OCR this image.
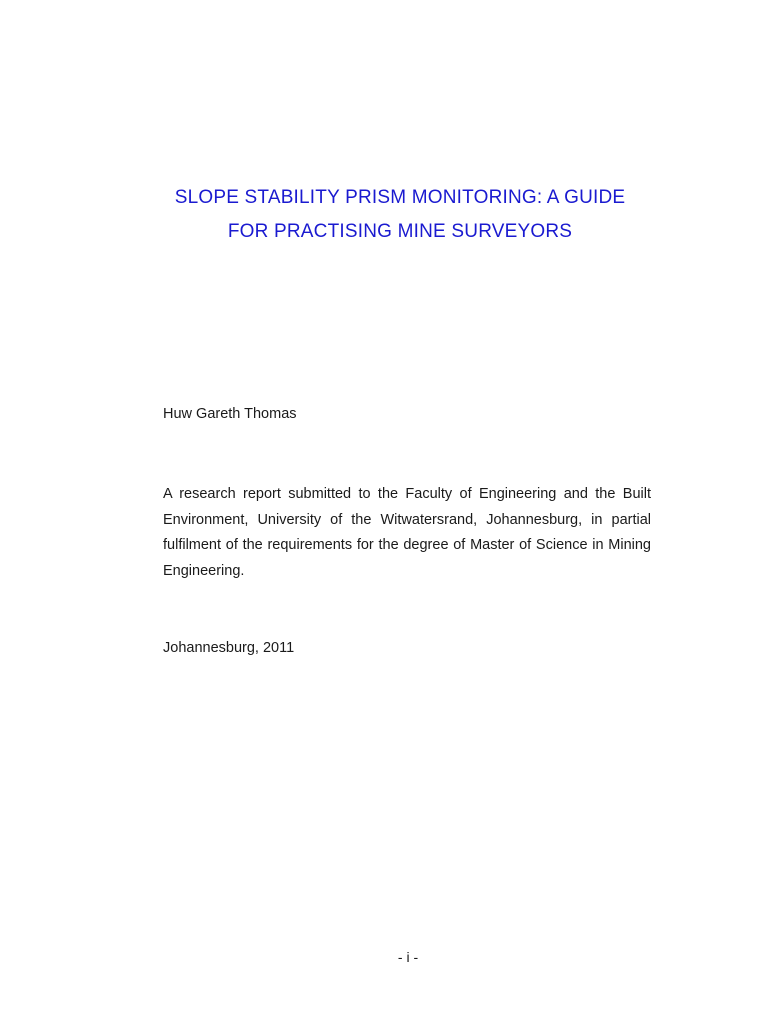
SLOPE STABILITY PRISM MONITORING: A GUIDE
FOR PRACTISING MINE SURVEYORS
Huw Gareth Thomas
A research report submitted to the Faculty of Engineering and the Built Environment, University of the Witwatersrand, Johannesburg, in partial fulfilment of the requirements for the degree of Master of Science in Mining Engineering.
Johannesburg, 2011
- i -
